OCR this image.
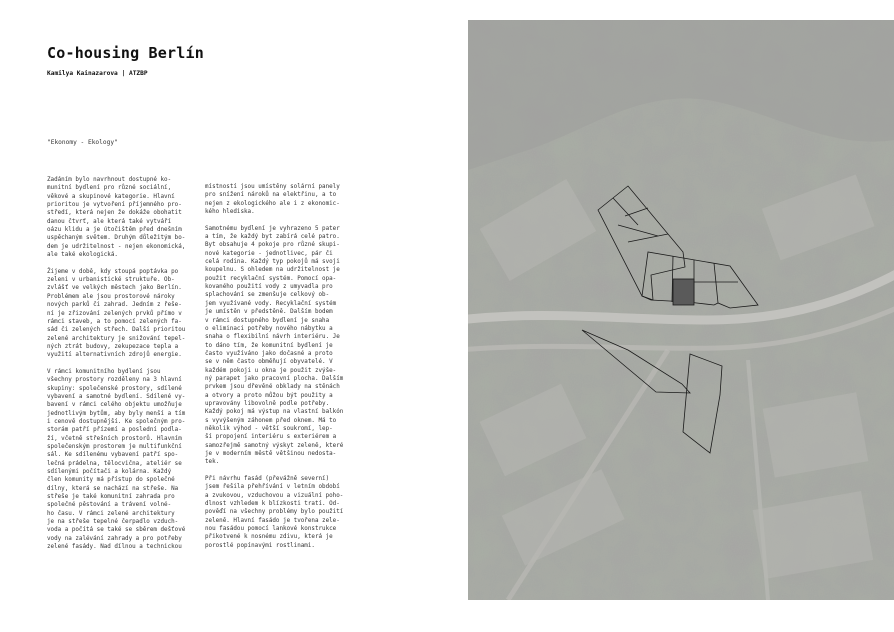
Co-housing Berlín
Kamilya Kainazarova | ATZBP
"Ekonomy - Ekology"

Zadáním bylo navrhnout dostupné ko-
munitní bydlení pro různé sociální,
věkové a skupinové kategorie. Hlavní
prioritou je vytvoření příjemného pro-
středí, která nejen že dokáže obohatit
danou čtvrť, ale která také vytváří
oázu klidu a je útočištěm před dnešním
uspěchaným světem. Druhým důležitým bo-
dem je udržitelnost - nejen ekonomická,
ale také ekologická.

Žijeme v době, kdy stoupá poptávka po
zeleni v urbanistické struktuře. Ob-
zvlášť ve velkých městech jako Berlín.
Problémem ale jsou prostorové nároky
nových parků či zahrad. Jedním z řeše-
ní je zřizování zelených prvků přímo v
rámci staveb, a to pomocí zelených fa-
sád či zelených střech. Další prioritou
zelené architektury je snižování tepel-
ných ztrát budovy, zekupezace tepla a
využití alternativních zdrojů energie.

V rámci komunitního bydlení jsou
všechny prostory rozděleny na 3 hlavní
skupiny: společenské prostory, sdílené
vybavení a samotné bydlení. Sdílené vy-
bavení v rámci celého objektu umožňuje
jednotlivým bytům, aby byly menší a tím
i cenově dostupnější. Ke společným pro-
storám patří přízemí a poslední podla-
ží, včetně střešních prostorů. Hlavním
společenským prostorem je multifunkční
sál. Ke sdílenému vybavení patří spo-
lečná prádelna, tělocvična, ateliér se
sdílenými počítači a kolárna. Každý
člen komunity má přístup do společné
dílny, která se nachází na střeše. Na
střeše je také komunitní zahrada pro
společné pěstování a trávení volné-
ho času. V rámci zelené architektury
je na střeše tepelné čerpadlo vzduch-
voda a počítá se také se sběrem dešťové
vody na zalévání zahrady a pro potřeby
zelené fasády. Nad dílnou a technickou

místností jsou umístěny solární panely
pro snížení nároků na elektřinu, a to
nejen z ekologického ale i z ekonomic-
kého hlediska.

Samotnému bydlení je vyhrazeno 5 pater
a tím, že každý byt zabírá celé patro.
Byt obsahuje 4 pokoje pro různé skupi-
nové kategorie - jednotlivec, pár či
celá rodina. Každý typ pokojů má svoji
koupelnu. S ohledem na udržitelnost je
použit recyklační systém. Pomocí opa-
kovaného použití vody z umyvadla pro
splachování se zmenšuje celkový ob-
jem využívané vody. Recyklační systém
je umístěn v předstěně. Dalším bodem
v rámci dostupného bydlení je snaha
o eliminaci potřeby nového nábytku a
snaha o flexibilní návrh interiéru. Je
to dáno tím, že komunitní bydlení je
často využíváno jako dočasné a proto
se v něm často obměňují obyvatelé. V
každém pokoji u okna je použit zvýše-
ný parapet jako pracovní plocha. Dalším
prvkem jsou dřevěné obklady na stěnách
a otvory a proto můžou být použity a
upravovány libovolně podle potřeby.
Každý pokoj má výstup na vlastní balkón
s vyvýšeným záhonem před oknem. Má to
několik výhod - větší soukromí, lep-
ší propojení interiéru s exteriérem a
samozřejmě samotný výskyt zeleně, které
je v moderním městě většinou nedosta-
tek.

Při návrhu fasád (převážně severní)
jsem řešila přehřívání v letním období
a zvukovou, vzduchovou a vizuální poho-
dlnost vzhledem k blízkosti tratí. Od-
pověďí na všechny problémy bylo použití
zeleně. Hlavní fasádo je tvořena zele-
nou fasádou pomocí lankové konstrukce
přikotvené k nosnému zdivu, která je
porostlé popínavými rostlinami.
